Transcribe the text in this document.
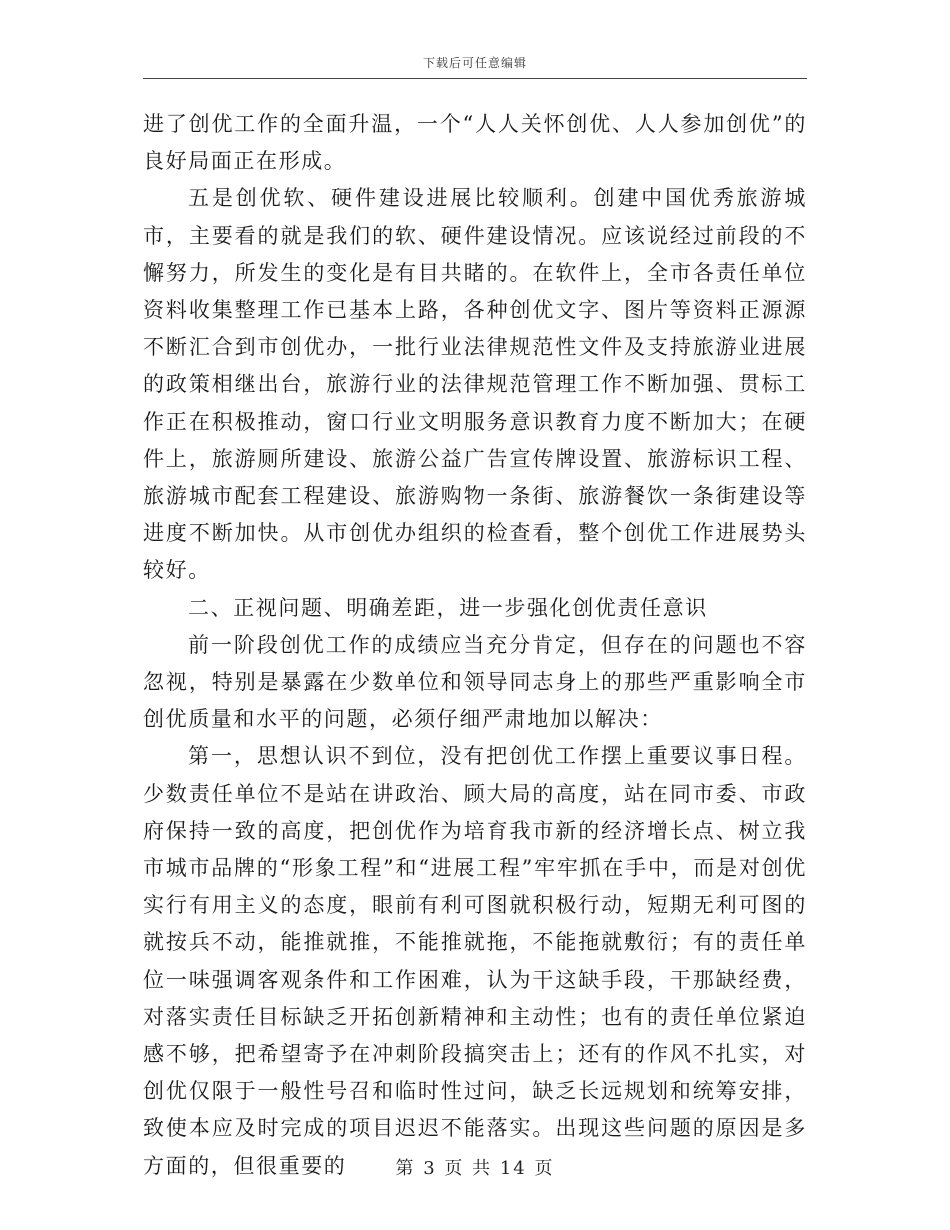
下载后可任意编辑

进了创优工作的全面升温，一个“人人关怀创优、人人参加创优”的良好局面正在形成。

五是创优软、硬件建设进展比较顺利。创建中国优秀旅游城市，主要看的就是我们的软、硬件建设情况。应该说经过前段的不懈努力，所发生的变化是有目共睹的。在软件上，全市各责任单位资料收集整理工作已基本上路，各种创优文字、图片等资料正源源不断汇合到市创优办，一批行业法律规范性文件及支持旅游业进展的政策相继出台，旅游行业的法律规范管理工作不断加强、贯标工作正在积极推动，窗口行业文明服务意识教育力度不断加大；在硬件上，旅游厕所建设、旅游公益广告宣传牌设置、旅游标识工程、旅游城市配套工程建设、旅游购物一条街、旅游餐饮一条街建设等进度不断加快。从市创优办组织的检查看，整个创优工作进展势头较好。

二、正视问题、明确差距，进一步强化创优责任意识

前一阶段创优工作的成绩应当充分肯定，但存在的问题也不容忽视，特别是暴露在少数单位和领导同志身上的那些严重影响全市创优质量和水平的问题，必须仔细严肃地加以解决：

第一，思想认识不到位，没有把创优工作摆上重要议事日程。少数责任单位不是站在讲政治、顾大局的高度，站在同市委、市政府保持一致的高度，把创优作为培育我市新的经济增长点、树立我市城市品牌的“形象工程”和“进展工程”牢牢抓在手中，而是对创优实行有用主义的态度，眼前有利可图就积极行动，短期无利可图的就按兵不动，能推就推，不能推就拖，不能拖就敷衍；有的责任单位一味强调客观条件和工作困难，认为干这缺手段，干那缺经费，对落实责任目标缺乏开拓创新精神和主动性；也有的责任单位紧迫感不够，把希望寄予在冲刺阶段搞突击上；还有的作风不扎实，对创优仅限于一般性号召和临时性过问，缺乏长远规划和统筹安排，致使本应及时完成的项目迟迟不能落实。出现这些问题的原因是多方面的，但很重要的	第 3 页 共 14 页
